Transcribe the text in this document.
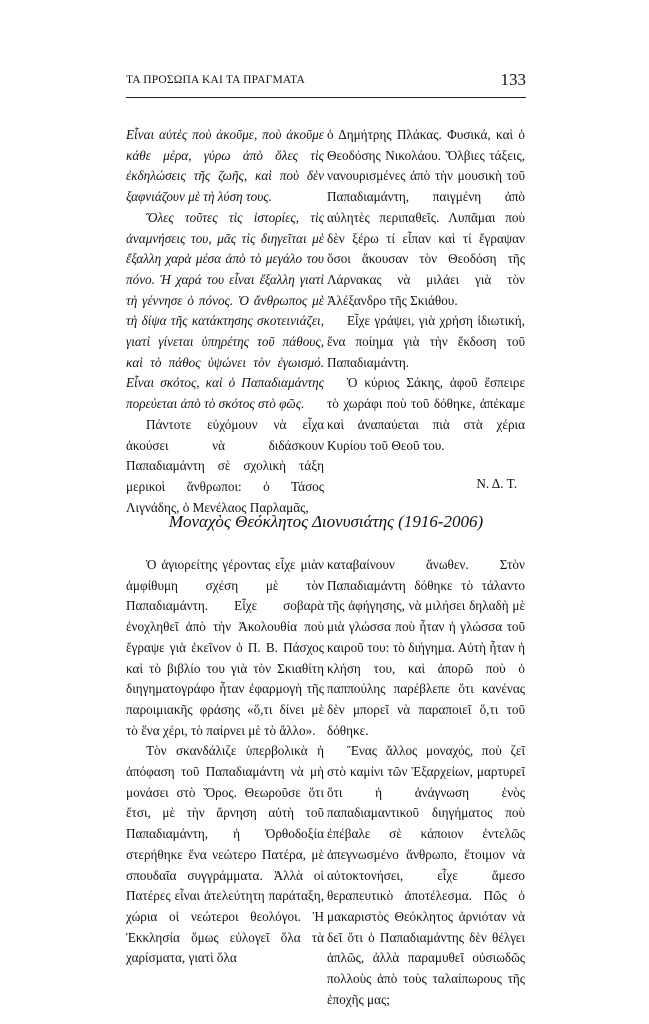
ΤΑ ΠΡΟΣΩΠΑ ΚΑΙ ΤΑ ΠΡΑΓΜΑΤΑ	133

Εἶναι αὐτὲς ποὺ ἀκοῦμε, ποὺ ἀκοῦμε κάθε μέρα, γύρω ἀπὸ ὅλες τὶς ἐκδηλώσεις τῆς ζωῆς, καὶ ποὺ δὲν ξαφνιάζουν μὲ τὴ λύση τους.

Ὅλες τοῦτες τὶς ἱστορίες, τὶς ἀναμνήσεις του, μᾶς τὶς διηγεῖται μὲ ἔξαλλη χαρὰ μέσα ἀπὸ τὸ μεγάλο του πόνο. Ἡ χαρά του εἶναι ἔξαλλη γιατὶ τὴ γέννησε ὁ πόνος. Ὁ ἄνθρωπος μὲ τὴ δίψα τῆς κατάκτησης σκοτεινιάζει, γιατὶ γίνεται ὑπηρέτης τοῦ πάθους, καὶ τὸ πάθος ὑψώνει τὸν ἐγωισμό. Εἶναι σκότος, καὶ ὁ Παπαδιαμάντης πορεύεται ἀπὸ τὸ σκότος στὸ φῶς.

Πάντοτε εὐχόμουν νὰ εἶχα ἀκούσει νὰ διδάσκουν Παπαδιαμάντη σὲ σχολικὴ τάξη μερικοὶ ἄνθρωποι: ὁ Τάσος Λιγνάδης, ὁ Μενέλαος Παρλαμᾶς,

ὁ Δημήτρης Πλάκας. Φυσικά, καὶ ὁ Θεοδόσης Νικολάου. Ὄλβιες τάξεις, νανουρισμένες ἀπὸ τὴν μουσικὴ τοῦ Παπαδιαμάντη, παιγμένη ἀπὸ αὐλητὲς περιπαθεῖς. Λυπᾶμαι ποὺ δὲν ξέρω τί εἶπαν καὶ τί ἔγραψαν ὅσοι ἄκουσαν τὸν Θεοδόση τῆς Λάρνακας νὰ μιλάει γιὰ τὸν Ἀλέξανδρο τῆς Σκιάθου.

Εἶχε γράψει, γιὰ χρήση ἰδιωτική, ἕνα ποίημα γιὰ τὴν ἔκδοση τοῦ Παπαδιαμάντη.

Ὁ κύριος Σάκης, ἀφοῦ ἔσπειρε τὸ χωράφι ποὺ τοῦ δόθηκε, ἀπέκαμε καὶ ἀναπαύεται πιὰ στὰ χέρια Κυρίου τοῦ Θεοῦ του.

Ν. Δ. Τ.

Μοναχὸς Θεόκλητος Διονυσιάτης (1916-2006)

Ὁ ἁγιορείτης γέροντας εἶχε μιὰν ἀμφίθυμη σχέση μὲ τὸν Παπαδιαμάντη. Εἶχε σοβαρὰ ἐνοχληθεῖ ἀπὸ τὴν Ἀκολουθία ποὺ ἔγραψε γιὰ ἐκεῖνον ὁ Π. Β. Πάσχος καὶ τὸ βιβλίο του γιὰ τὸν Σκιαθίτη διηγηματογράφο ἦταν ἐφαρμογὴ τῆς παροιμιακῆς φράσης «ὅ,τι δίνει μὲ τὸ ἕνα χέρι, τὸ παίρνει μὲ τὸ ἄλλο».

Τὸν σκανδάλιζε ὑπερβολικὰ ἡ ἀπόφαση τοῦ Παπαδιαμάντη νὰ μὴ μονάσει στὸ Ὄρος. Θεωροῦσε ὅτι ἔτσι, μὲ τὴν ἄρνηση αὐτὴ τοῦ Παπαδιαμάντη, ἡ Ὀρθοδοξία στερήθηκε ἕνα νεώτερο Πατέρα, μὲ σπουδαῖα συγγράμματα. Ἀλλὰ οἱ Πατέρες εἶναι ἀτελεύτητη παράταξη, χώρια οἱ νεώτεροι θεολόγοι. Ἡ Ἐκκλησία ὅμως εὐλογεῖ ὅλα τὰ χαρίσματα, γιατὶ ὅλα

καταβαίνουν ἄνωθεν. Στὸν Παπαδιαμάντη δόθηκε τὸ τάλαντο τῆς ἀφήγησης, νὰ μιλήσει δηλαδὴ μὲ μιὰ γλώσσα ποὺ ἦταν ἡ γλώσσα τοῦ καιροῦ του: τὸ διήγημα. Αὐτὴ ἦταν ἡ κλήση του, καὶ ἀπορῶ ποὺ ὁ παππούλης παρέβλεπε ὅτι κανένας δὲν μπορεῖ νὰ παραποιεῖ ὅ,τι τοῦ δόθηκε.

Ἕνας ἄλλος μοναχός, ποὺ ζεῖ στὸ καμίνι τῶν Ἐξαρχείων, μαρτυρεῖ ὅτι ἡ ἀνάγνωση ἑνὸς παπαδιαμαντικοῦ διηγήματος ποὺ ἐπέβαλε σὲ κάποιον ἐντελῶς ἀπεγνωσμένο ἄνθρωπο, ἕτοιμον νὰ αὐτοκτονήσει, εἶχε ἄμεσο θεραπευτικὸ ἀποτέλεσμα. Πῶς ὁ μακαριστὸς Θεόκλητος ἀρνιόταν νὰ δεῖ ὅτι ὁ Παπαδιαμάντης δὲν θέλγει ἁπλῶς, ἀλλὰ παραμυθεῖ οὐσιωδῶς πολλοὺς ἀπὸ τοὺς ταλαίπωρους τῆς ἐποχῆς μας;
